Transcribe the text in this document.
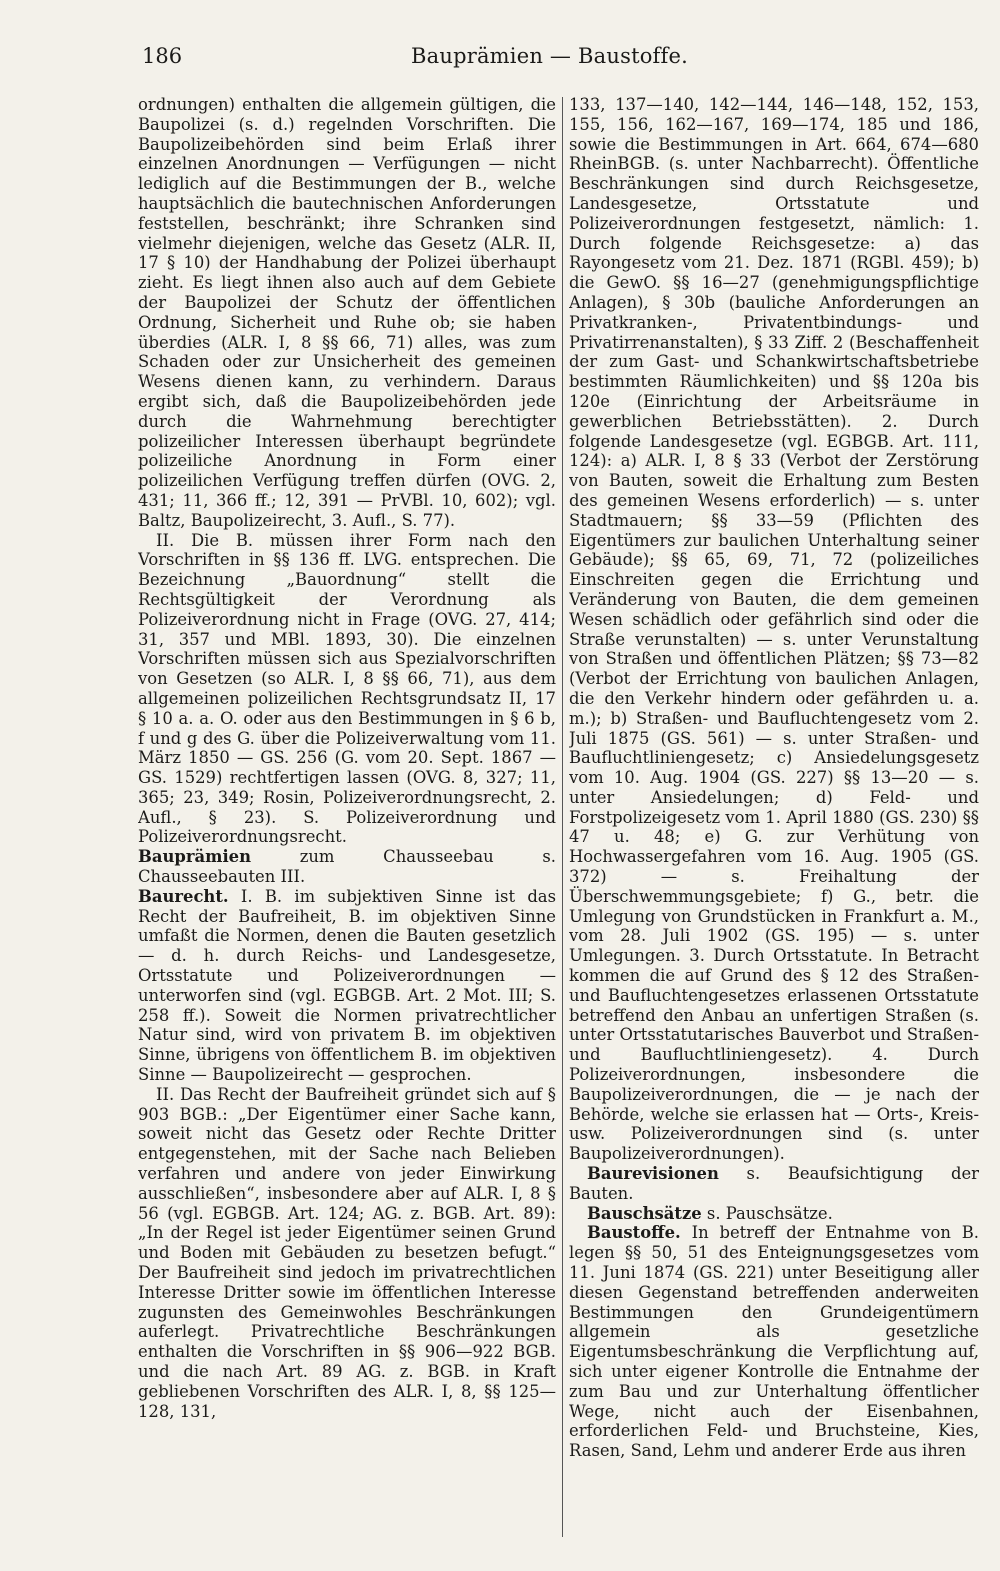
186	Bauprämien — Baustoffe.

ordnungen) enthalten die allgemein gültigen, die Baupolizei (s. d.) regelnden Vorschriften. Die Baupolizeibehörden sind beim Erlaß ihrer einzelnen Anordnungen — Verfügungen — nicht lediglich auf die Bestimmungen der B., welche hauptsächlich die bautechnischen Anforderungen feststellen, beschränkt; ihre Schranken sind vielmehr diejenigen, welche das Gesetz (ALR. II, 17 § 10) der Handhabung der Polizei überhaupt zieht. Es liegt ihnen also auch auf dem Gebiete der Baupolizei der Schutz der öffentlichen Ordnung, Sicherheit und Ruhe ob; sie haben überdies (ALR. I, 8 §§ 66, 71) alles, was zum Schaden oder zur Unsicherheit des gemeinen Wesens dienen kann, zu verhindern. Daraus ergibt sich, daß die Baupolizeibehörden jede durch die Wahrnehmung berechtigter polizeilicher Interessen überhaupt begründete polizeiliche Anordnung in Form einer polizeilichen Verfügung treffen dürfen (OVG. 2, 431; 11, 366 ff.; 12, 391 — PrVBl. 10, 602); vgl. Baltz, Baupolizeirecht, 3. Aufl., S. 77).

II. Die B. müssen ihrer Form nach den Vorschriften in §§ 136 ff. LVG. entsprechen. Die Bezeichnung „Bauordnung“ stellt die Rechtsgültigkeit der Verordnung als Polizeiverordnung nicht in Frage (OVG. 27, 414; 31, 357 und MBl. 1893, 30). Die einzelnen Vorschriften müssen sich aus Spezialvorschriften von Gesetzen (so ALR. I, 8 §§ 66, 71), aus dem allgemeinen polizeilichen Rechtsgrundsatz II, 17 § 10 a. a. O. oder aus den Bestimmungen in § 6 b, f und g des G. über die Polizeiverwaltung vom 11. März 1850 — GS. 256 (G. vom 20. Sept. 1867 — GS. 1529) rechtfertigen lassen (OVG. 8, 327; 11, 365; 23, 349; Rosin, Polizeiverordnungsrecht, 2. Aufl., § 23). S. Polizeiverordnung und Polizeiverordnungsrecht.

Bauprämien zum Chausseebau s. Chausseebauten III.

Baurecht. I. B. im subjektiven Sinne ist das Recht der Baufreiheit, B. im objektiven Sinne umfaßt die Normen, denen die Bauten gesetzlich — d. h. durch Reichs- und Landesgesetze, Ortsstatute und Polizeiverordnungen — unterworfen sind (vgl. EGBGB. Art. 2 Mot. III; S. 258 ff.). Soweit die Normen privatrechtlicher Natur sind, wird von privatem B. im objektiven Sinne, übrigens von öffentlichem B. im objektiven Sinne — Baupolizeirecht — gesprochen.

II. Das Recht der Baufreiheit gründet sich auf § 903 BGB.: „Der Eigentümer einer Sache kann, soweit nicht das Gesetz oder Rechte Dritter entgegenstehen, mit der Sache nach Belieben verfahren und andere von jeder Einwirkung ausschließen“, insbesondere aber auf ALR. I, 8 § 56 (vgl. EGBGB. Art. 124; AG. z. BGB. Art. 89): „In der Regel ist jeder Eigentümer seinen Grund und Boden mit Gebäuden zu besetzen befugt.“ Der Baufreiheit sind jedoch im privatrechtlichen Interesse Dritter sowie im öffentlichen Interesse zugunsten des Gemeinwohles Beschränkungen auferlegt. Privatrechtliche Beschränkungen enthalten die Vorschriften in §§ 906—922 BGB. und die nach Art. 89 AG. z. BGB. in Kraft gebliebenen Vorschriften des ALR. I, 8, §§ 125—128, 131,

133, 137—140, 142—144, 146—148, 152, 153, 155, 156, 162—167, 169—174, 185 und 186, sowie die Bestimmungen in Art. 664, 674—680 RheinBGB. (s. unter Nachbarrecht). Öffentliche Beschränkungen sind durch Reichsgesetze, Landesgesetze, Ortsstatute und Polizeiverordnungen festgesetzt, nämlich: 1. Durch folgende Reichsgesetze: a) das Rayongesetz vom 21. Dez. 1871 (RGBl. 459); b) die GewO. §§ 16—27 (genehmigungspflichtige Anlagen), § 30b (bauliche Anforderungen an Privatkranken-, Privatentbindungs- und Privatirrenanstalten), § 33 Ziff. 2 (Beschaffenheit der zum Gast- und Schankwirtschaftsbetriebe bestimmten Räumlichkeiten) und §§ 120a bis 120e (Einrichtung der Arbeitsräume in gewerblichen Betriebsstätten). 2. Durch folgende Landesgesetze (vgl. EGBGB. Art. 111, 124): a) ALR. I, 8 § 33 (Verbot der Zerstörung von Bauten, soweit die Erhaltung zum Besten des gemeinen Wesens erforderlich) — s. unter Stadtmauern; §§ 33—59 (Pflichten des Eigentümers zur baulichen Unterhaltung seiner Gebäude); §§ 65, 69, 71, 72 (polizeiliches Einschreiten gegen die Errichtung und Veränderung von Bauten, die dem gemeinen Wesen schädlich oder gefährlich sind oder die Straße verunstalten) — s. unter Verunstaltung von Straßen und öffentlichen Plätzen; §§ 73—82 (Verbot der Errichtung von baulichen Anlagen, die den Verkehr hindern oder gefährden u. a. m.); b) Straßen- und Baufluchtengesetz vom 2. Juli 1875 (GS. 561) — s. unter Straßen- und Baufluchtliniengesetz; c) Ansiedelungsgesetz vom 10. Aug. 1904 (GS. 227) §§ 13—20 — s. unter Ansiedelungen; d) Feld- und Forstpolizeigesetz vom 1. April 1880 (GS. 230) §§ 47 u. 48; e) G. zur Verhütung von Hochwassergefahren vom 16. Aug. 1905 (GS. 372) — s. Freihaltung der Überschwemmungsgebiete; f) G., betr. die Umlegung von Grundstücken in Frankfurt a. M., vom 28. Juli 1902 (GS. 195) — s. unter Umlegungen. 3. Durch Ortsstatute. In Betracht kommen die auf Grund des § 12 des Straßen- und Baufluchtengesetzes erlassenen Ortsstatute betreffend den Anbau an unfertigen Straßen (s. unter Ortsstatutarisches Bauverbot und Straßen- und Baufluchtliniengesetz). 4. Durch Polizeiverordnungen, insbesondere die Baupolizeiverordnungen, die — je nach der Behörde, welche sie erlassen hat — Orts-, Kreis- usw. Polizeiverordnungen sind (s. unter Baupolizeiverordnungen).

Baurevisionen s. Beaufsichtigung der Bauten.

Bauschsätze s. Pauschsätze.

Baustoffe. In betreff der Entnahme von B. legen §§ 50, 51 des Enteignungsgesetzes vom 11. Juni 1874 (GS. 221) unter Beseitigung aller diesen Gegenstand betreffenden anderweiten Bestimmungen den Grundeigentümern allgemein als gesetzliche Eigentumsbeschränkung die Verpflichtung auf, sich unter eigener Kontrolle die Entnahme der zum Bau und zur Unterhaltung öffentlicher Wege, nicht auch der Eisenbahnen, erforderlichen Feld- und Bruchsteine, Kies, Rasen, Sand, Lehm und anderer Erde aus ihren
